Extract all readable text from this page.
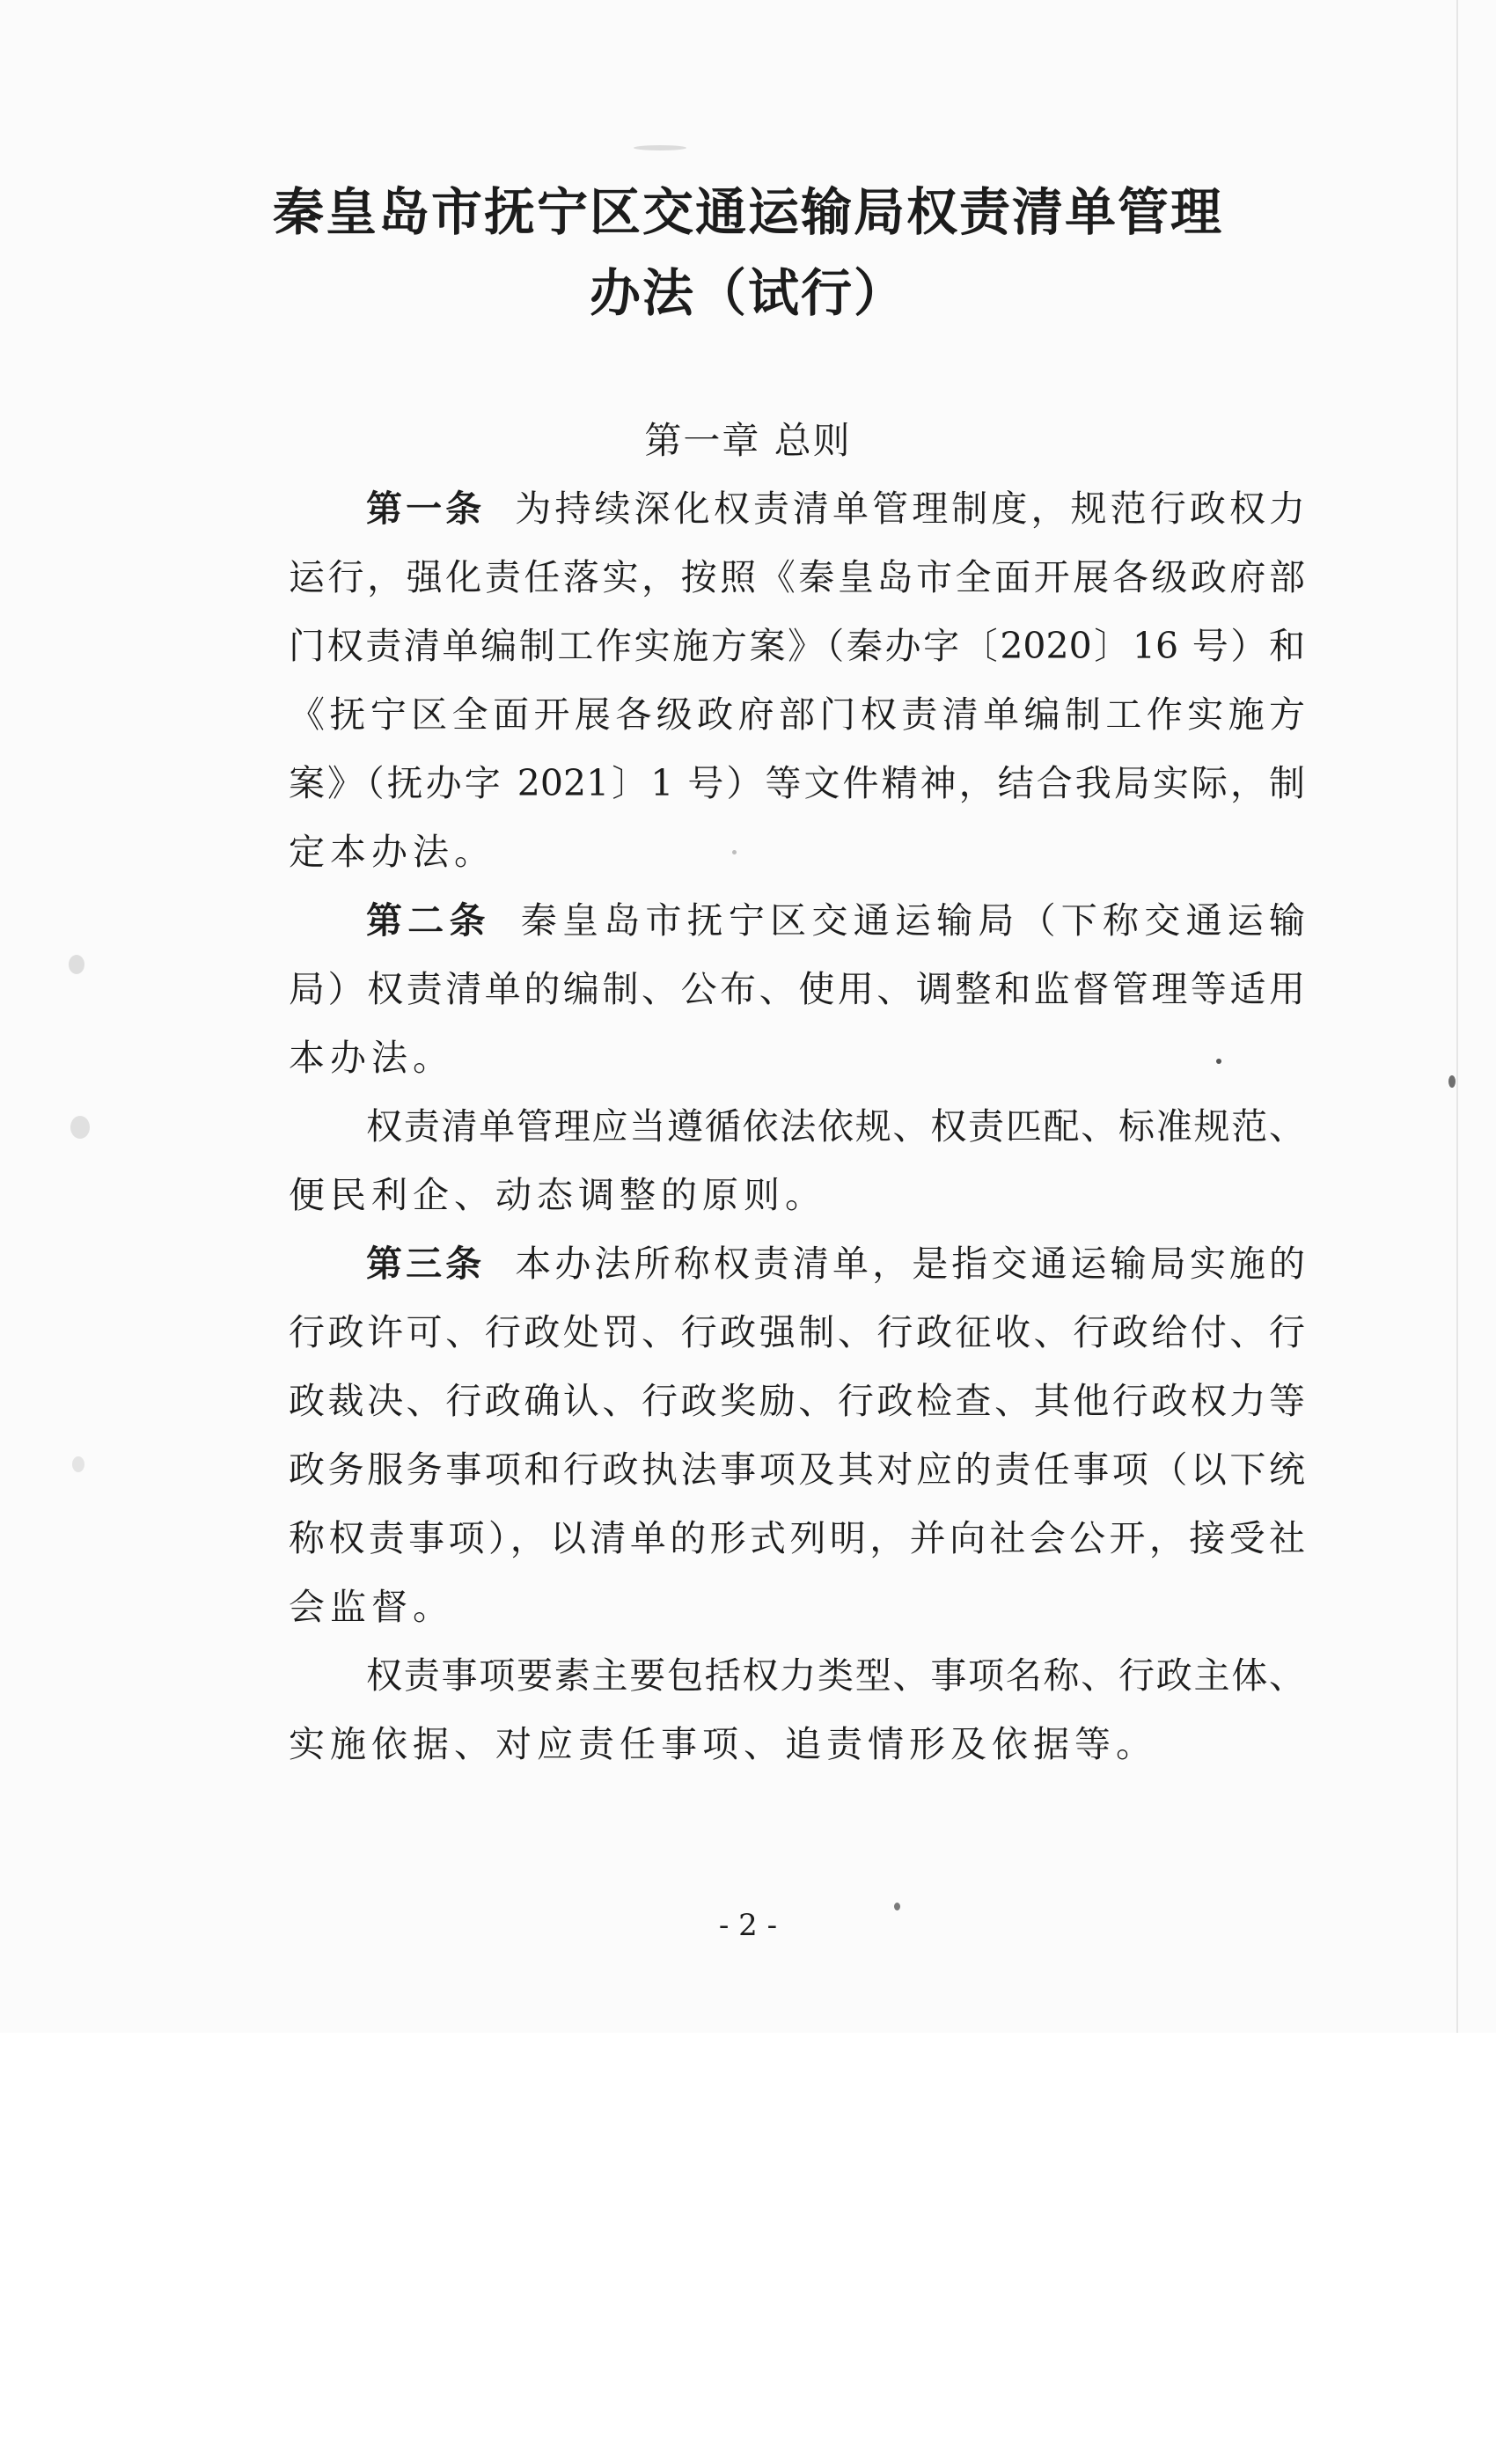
秦皇岛市抚宁区交通运输局权责清单管理
办法（试行）
第一章 总则
第一条 为持续深化权责清单管理制度，规范行政权力
运行，强化责任落实，按照《秦皇岛市全面开展各级政府部
门权责清单编制工作实施方案》（秦办字〔2020〕16 号）和
《抚宁区全面开展各级政府部门权责清单编制工作实施方
案》（抚办字 2021〕1 号）等文件精神，结合我局实际，制
定本办法。
第二条 秦皇岛市抚宁区交通运输局（下称交通运输
局）权责清单的编制、公布、使用、调整和监督管理等适用
本办法。
权责清单管理应当遵循依法依规、权责匹配、标准规范、
便民利企、动态调整的原则。
第三条 本办法所称权责清单，是指交通运输局实施的
行政许可、行政处罚、行政强制、行政征收、行政给付、行
政裁决、行政确认、行政奖励、行政检查、其他行政权力等
政务服务事项和行政执法事项及其对应的责任事项（以下统
称权责事项），以清单的形式列明，并向社会公开，接受社
会监督。
权责事项要素主要包括权力类型、事项名称、行政主体、
实施依据、对应责任事项、追责情形及依据等。
- 2 -
